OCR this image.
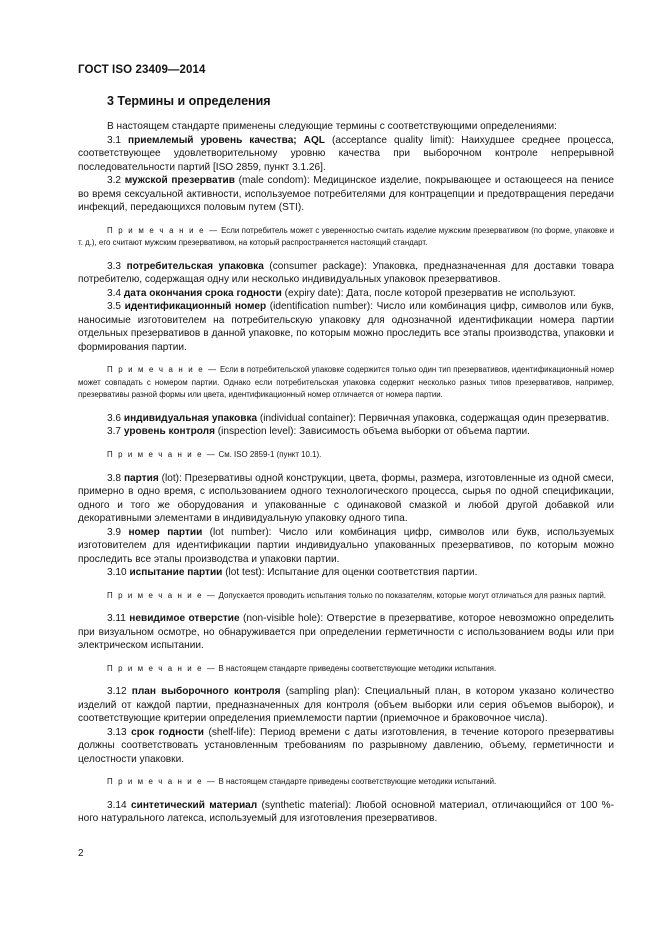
ГОСТ ISO 23409—2014
3 Термины и определения

В настоящем стандарте применены следующие термины с соответствующими определениями:

3.1 приемлемый уровень качества; AQL (acceptance quality limit): Наихудшее среднее процесса, соответствующее удовлетворительному уровню качества при выборочном контроле непрерывной последовательности партий [ISO 2859, пункт 3.1.26].

3.2 мужской презерватив (male condom): Медицинское изделие, покрывающее и остающееся на пенисе во время сексуальной активности, используемое потребителями для контрацепции и предотвращения передачи инфекций, передающихся половым путем (STI).

П р и м е ч а н и е — Если потребитель может с уверенностью считать изделие мужским презервативом (по форме, упаковке и т. д.), его считают мужским презервативом, на который распространяется настоящий стандарт.

3.3 потребительская упаковка (consumer package): Упаковка, предназначенная для доставки товара потребителю, содержащая одну или несколько индивидуальных упаковок презервативов.

3.4 дата окончания срока годности (expiry date): Дата, после которой презерватив не используют.

3.5 идентификационный номер (identification number): Число или комбинация цифр, символов или букв, наносимые изготовителем на потребительскую упаковку для однозначной идентификации номера партии отдельных презервативов в данной упаковке, по которым можно проследить все этапы производства, упаковки и формирования партии.

П р и м е ч а н и е — Если в потребительской упаковке содержится только один тип презервативов, идентификационный номер может совпадать с номером партии. Однако если потребительская упаковка содержит несколько разных типов презервативов, например, презервативы разной формы или цвета, идентификационный номер отличается от номера партии.

3.6 индивидуальная упаковка (individual container): Первичная упаковка, содержащая один презерватив.

3.7 уровень контроля (inspection level): Зависимость объема выборки от объема партии.

П р и м е ч а н и е — См. ISO 2859-1 (пункт 10.1).

3.8 партия (lot): Презервативы одной конструкции, цвета, формы, размера, изготовленные из одной смеси, примерно в одно время, с использованием одного технологического процесса, сырья по одной спецификации, одного и того же оборудования и упакованные с одинаковой смазкой и любой другой добавкой или декоративными элементами в индивидуальную упаковку одного типа.

3.9 номер партии (lot number): Число или комбинация цифр, символов или букв, используемых изготовителем для идентификации партии индивидуально упакованных презервативов, по которым можно проследить все этапы производства и упаковки партии.

3.10 испытание партии (lot test): Испытание для оценки соответствия партии.

П р и м е ч а н и е — Допускается проводить испытания только по показателям, которые могут отличаться для разных партий.

3.11 невидимое отверстие (non-visible hole): Отверстие в презервативе, которое невозможно определить при визуальном осмотре, но обнаруживается при определении герметичности с использованием воды или при электрическом испытании.

П р и м е ч а н и е — В настоящем стандарте приведены соответствующие методики испытания.

3.12 план выборочного контроля (sampling plan): Специальный план, в котором указано количество изделий от каждой партии, предназначенных для контроля (объем выборки или серия объемов выборок), и соответствующие критерии определения приемлемости партии (приемочное и браковочное числа).

3.13 срок годности (shelf-life): Период времени с даты изготовления, в течение которого презервативы должны соответствовать установленным требованиям по разрывному давлению, объему, герметичности и целостности упаковки.

П р и м е ч а н и е — В настоящем стандарте приведены соответствующие методики испытаний.

3.14 синтетический материал (synthetic material): Любой основной материал, отличающийся от 100 %-ного натурального латекса, используемый для изготовления презервативов.

2
